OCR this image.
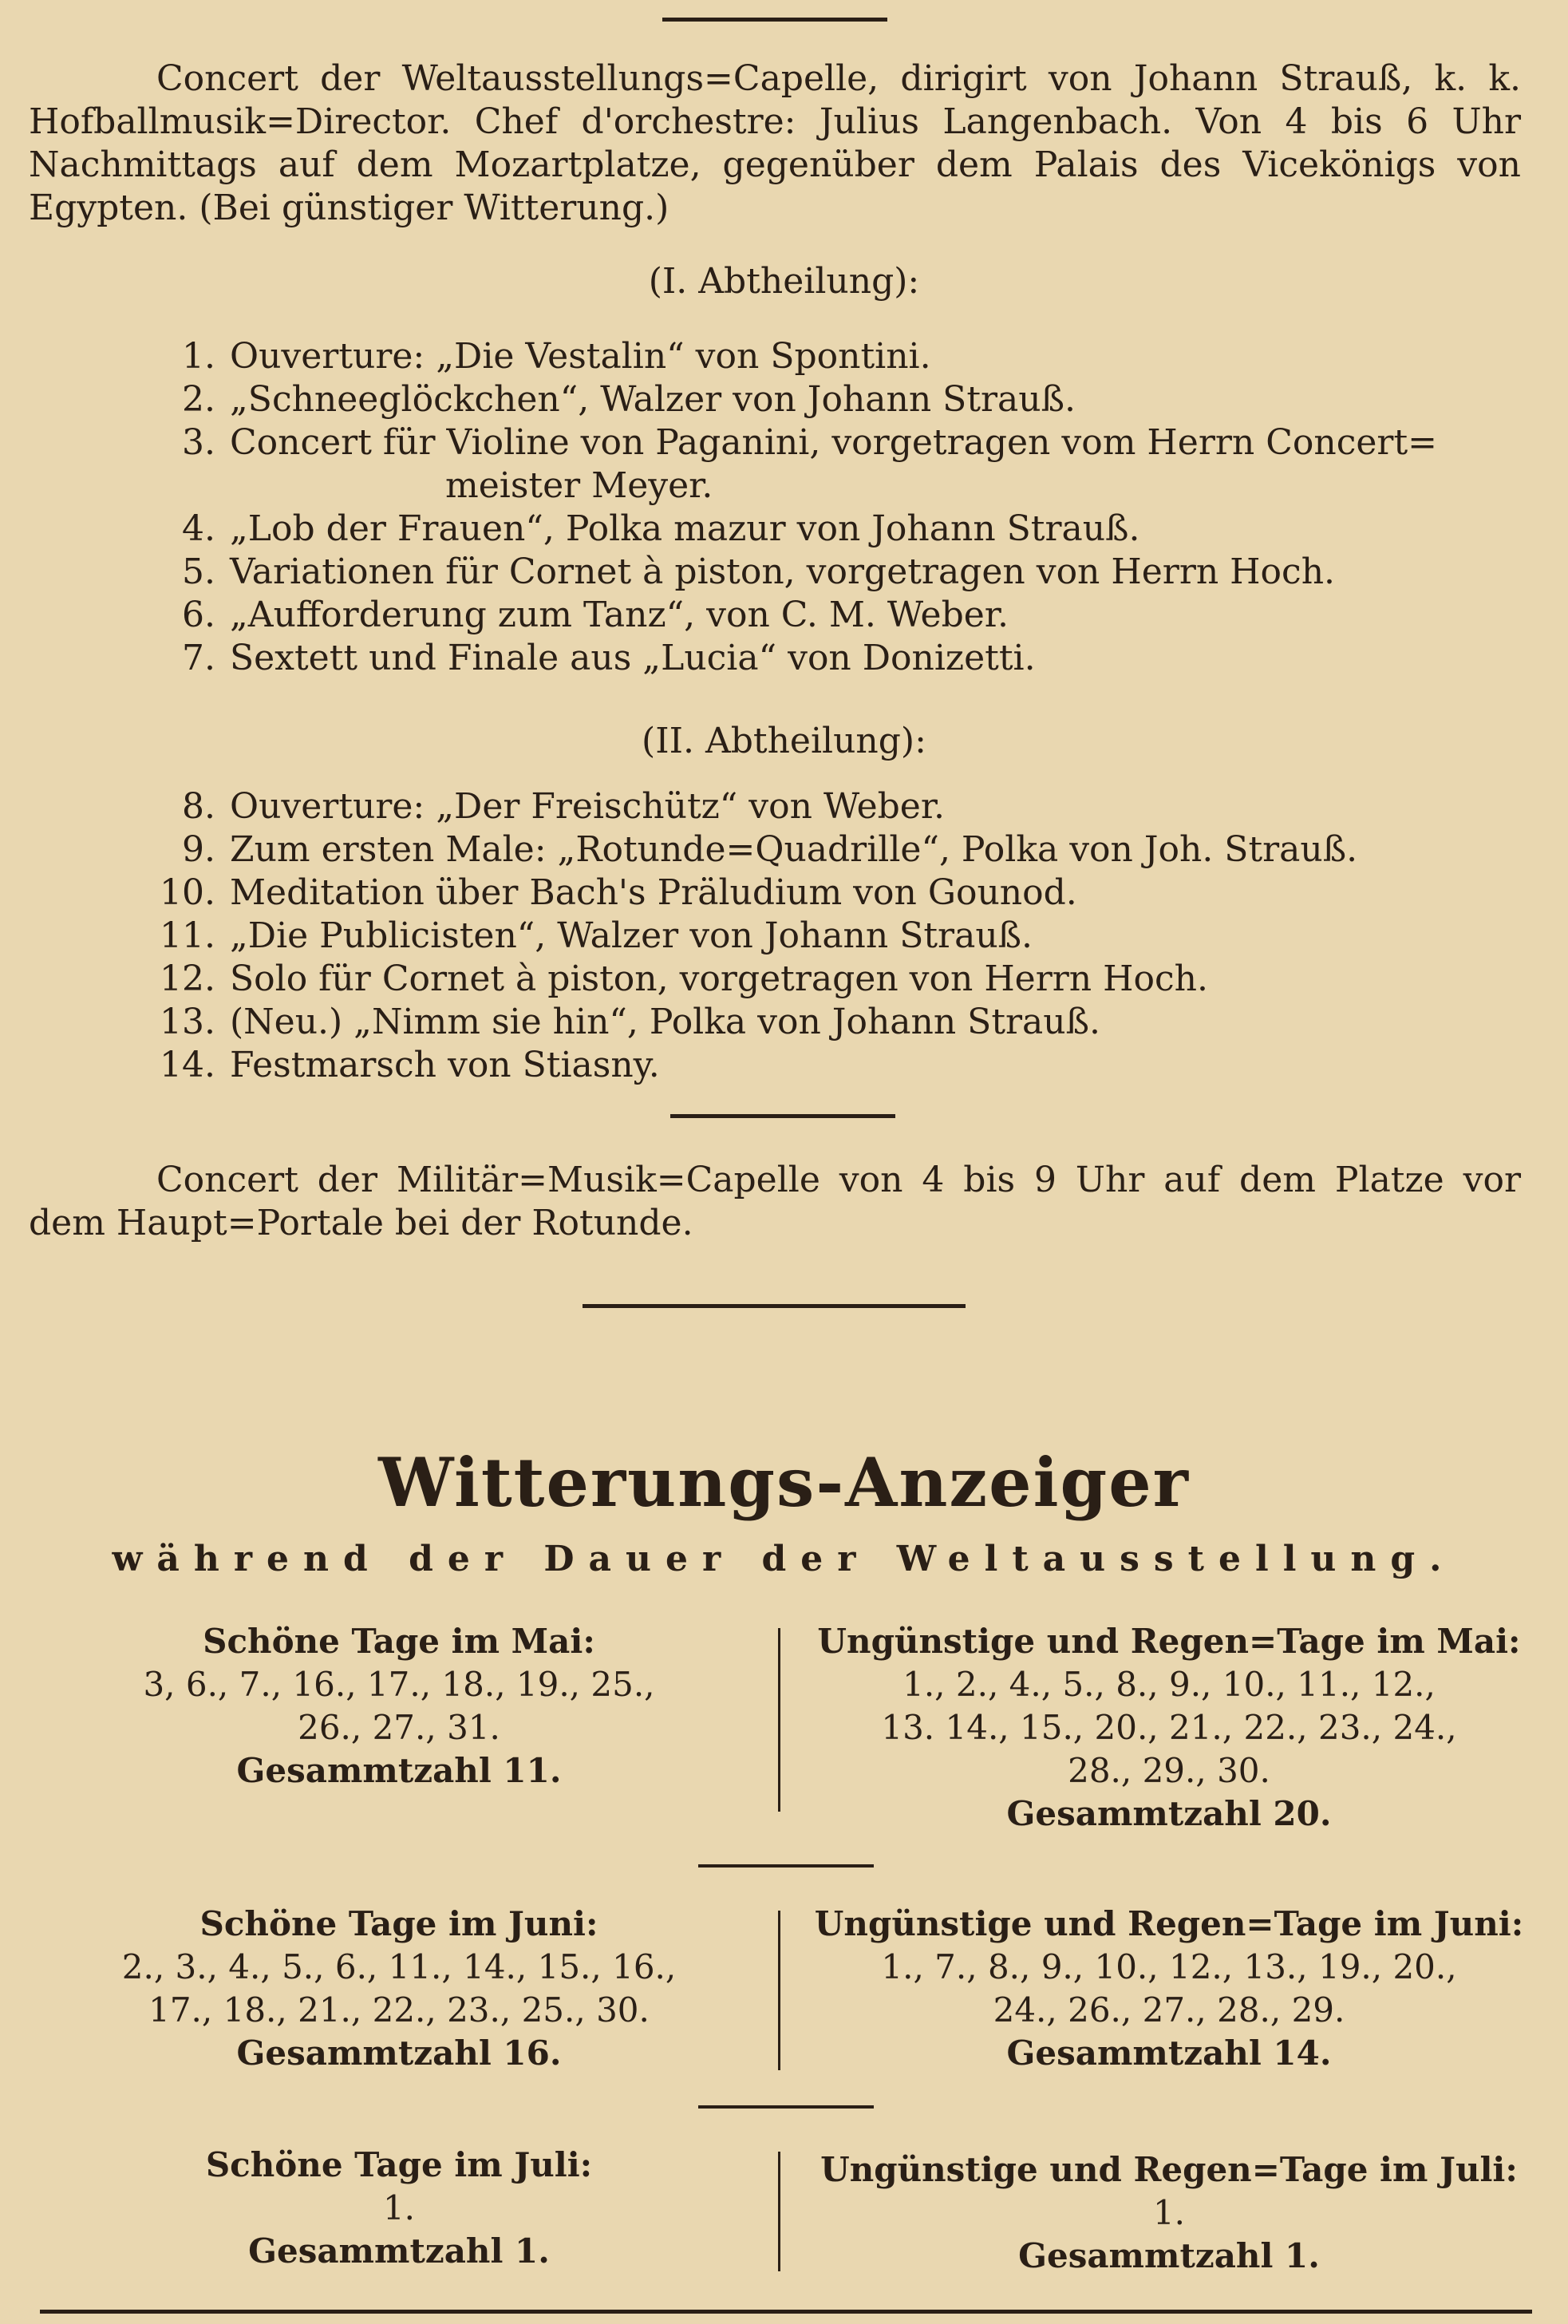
Concert der Weltausstellungs=Capelle, dirigirt von Johann Strauß, k. k. Hofballmusik=Director. Chef d'orchestre: Julius Langenbach. Von 4 bis 6 Uhr Nachmittags auf dem Mozartplatze, gegenüber dem Palais des Vicekönigs von Egypten. (Bei günstiger Witterung.)
(I. Abtheilung):
1. Ouverture: „Die Vestalin“ von Spontini.
2. „Schneeglöckchen“, Walzer von Johann Strauß.
3. Concert für Violine von Paganini, vorgetragen vom Herrn Concert=
meister Meyer.
4. „Lob der Frauen“, Polka mazur von Johann Strauß.
5. Variationen für Cornet à piston, vorgetragen von Herrn Hoch.
6. „Aufforderung zum Tanz“, von C. M. Weber.
7. Sextett und Finale aus „Lucia“ von Donizetti.
(II. Abtheilung):
8. Ouverture: „Der Freischütz“ von Weber.
9. Zum ersten Male: „Rotunde=Quadrille“, Polka von Joh. Strauß.
10. Meditation über Bach's Präludium von Gounod.
11. „Die Publicisten“, Walzer von Johann Strauß.
12. Solo für Cornet à piston, vorgetragen von Herrn Hoch.
13. (Neu.) „Nimm sie hin“, Polka von Johann Strauß.
14. Festmarsch von Stiasny.
Concert der Militär=Musik=Capelle von 4 bis 9 Uhr auf dem Platze vor dem Haupt=Portale bei der Rotunde.
Witterungs-Anzeiger
während der Dauer der Weltausstellung.
Schöne Tage im Mai:
3, 6., 7., 16., 17., 18., 19., 25.,
26., 27., 31.
Gesammtzahl 11.
Ungünstige und Regen=Tage im Mai:
1., 2., 4., 5., 8., 9., 10., 11., 12.,
13. 14., 15., 20., 21., 22., 23., 24.,
28., 29., 30.
Gesammtzahl 20.
Schöne Tage im Juni:
2., 3., 4., 5., 6., 11., 14., 15., 16.,
17., 18., 21., 22., 23., 25., 30.
Gesammtzahl 16.
Ungünstige und Regen=Tage im Juni:
1., 7., 8., 9., 10., 12., 13., 19., 20.,
24., 26., 27., 28., 29.
Gesammtzahl 14.
Schöne Tage im Juli:
1.
Gesammtzahl 1.
Ungünstige und Regen=Tage im Juli:
1.
Gesammtzahl 1.
